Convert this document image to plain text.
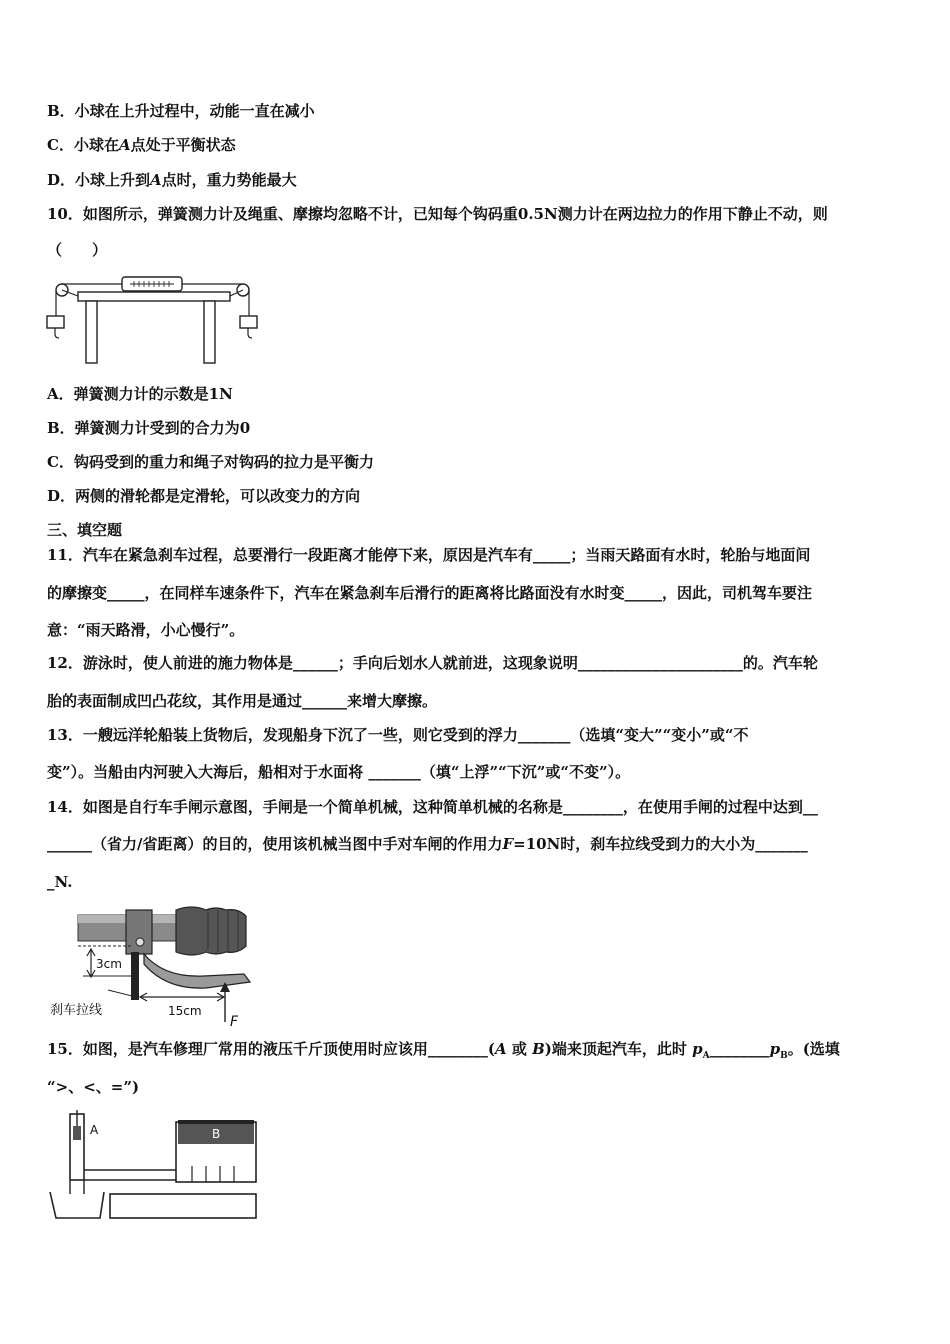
B．小球在上升过程中，动能一直在减小
C．小球在A点处于平衡状态
D．小球上升到A点时，重力势能最大
10．如图所示，弹簧测力计及绳重、摩擦均忽略不计，已知每个钩码重0.5N测力计在两边拉力的作用下静止不动，则
（　　）
A．弹簧测力计的示数是1N
B．弹簧测力计受到的合力为0
C．钩码受到的重力和绳子对钩码的拉力是平衡力
D．两侧的滑轮都是定滑轮，可以改变力的方向
三、填空题
11．汽车在紧急刹车过程，总要滑行一段距离才能停下来，原因是汽车有_____；当雨天路面有水时，轮胎与地面间
的摩擦变_____，在同样车速条件下，汽车在紧急刹车后滑行的距离将比路面没有水时变_____，因此，司机驾车要注
意：“雨天路滑，小心慢行”。
12．游泳时，使人前进的施力物体是______；手向后划水人就前进，这现象说明______________________的。汽车轮
胎的表面制成凹凸花纹，其作用是通过______来增大摩擦。
13．一艘远洋轮船装上货物后，发现船身下沉了一些，则它受到的浮力_______（选填“变大”“变小”或“不
变”）。当船由内河驶入大海后，船相对于水面将 _______（填“上浮”“下沉”或“不变”）。
14．如图是自行车手闸示意图，手闸是一个简单机械，这种简单机械的名称是________，在使用手闸的过程中达到__
______（省力/省距离）的目的，使用该机械当图中手对车闸的作用力F=10N时，刹车拉线受到力的大小为_______
_N.
3cm
刹车拉线	15cm
F
15．如图，是汽车修理厂常用的液压千斤顶使用时应该用________(A 或 B)端来顶起汽车，此时 $p_A\_\_\_\_\_\_\_\_p_B$。(选填
“>、<、=”)
A	B
